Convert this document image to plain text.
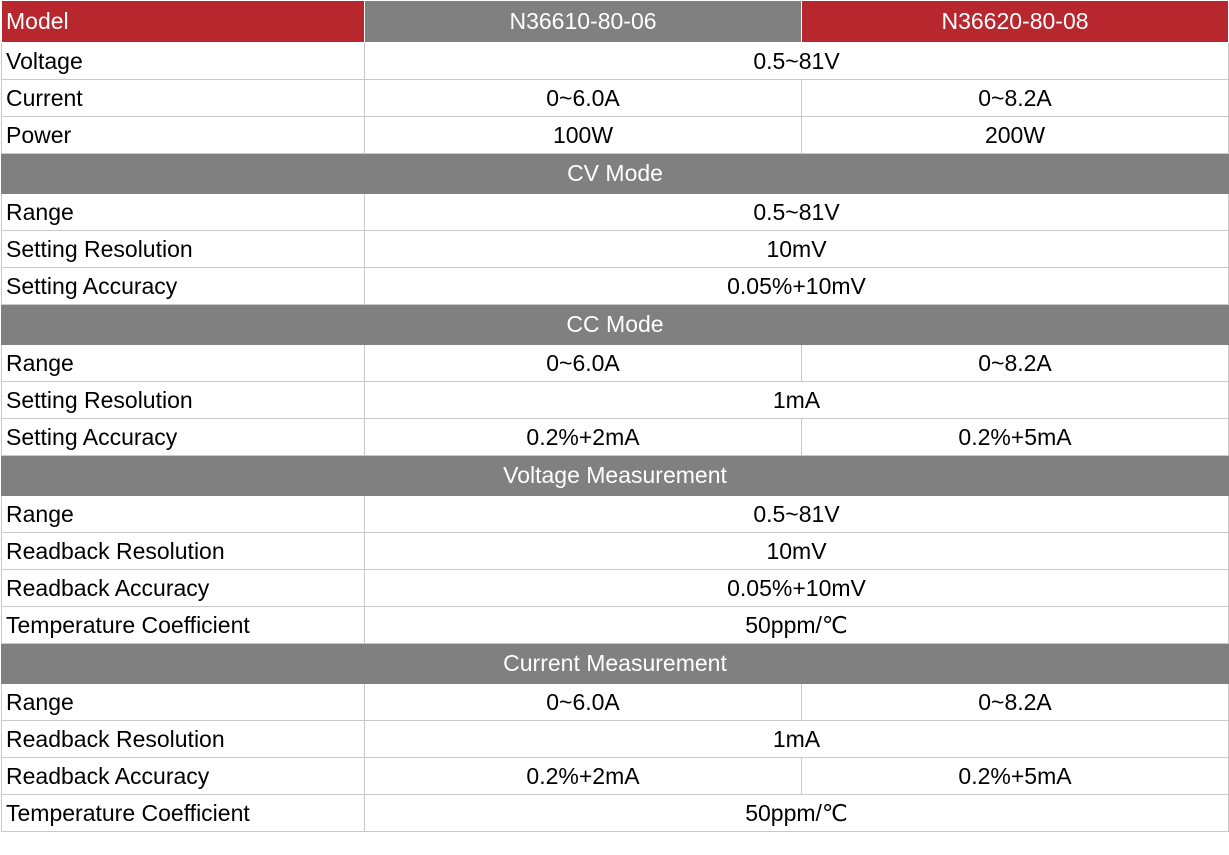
Model	N36610-80-06	N36620-80-08
Voltage	0.5~81V	
Current	0~6.0A	0~8.2A
Power	100W	200W
CV Mode		
Range	0.5~81V	
Setting Resolution	10mV	
Setting Accuracy	0.05%+10mV	
CC Mode		
Range	0~6.0A	0~8.2A
Setting Resolution	1mA	
Setting Accuracy	0.2%+2mA	0.2%+5mA
Voltage Measurement		
Range	0.5~81V	
Readback Resolution	10mV	
Readback Accuracy	0.05%+10mV	
Temperature Coefficient	50ppm/℃	
Current Measurement		
Range	0~6.0A	0~8.2A
Readback Resolution	1mA	
Readback Accuracy	0.2%+2mA	0.2%+5mA
Temperature Coefficient	50ppm/℃	
